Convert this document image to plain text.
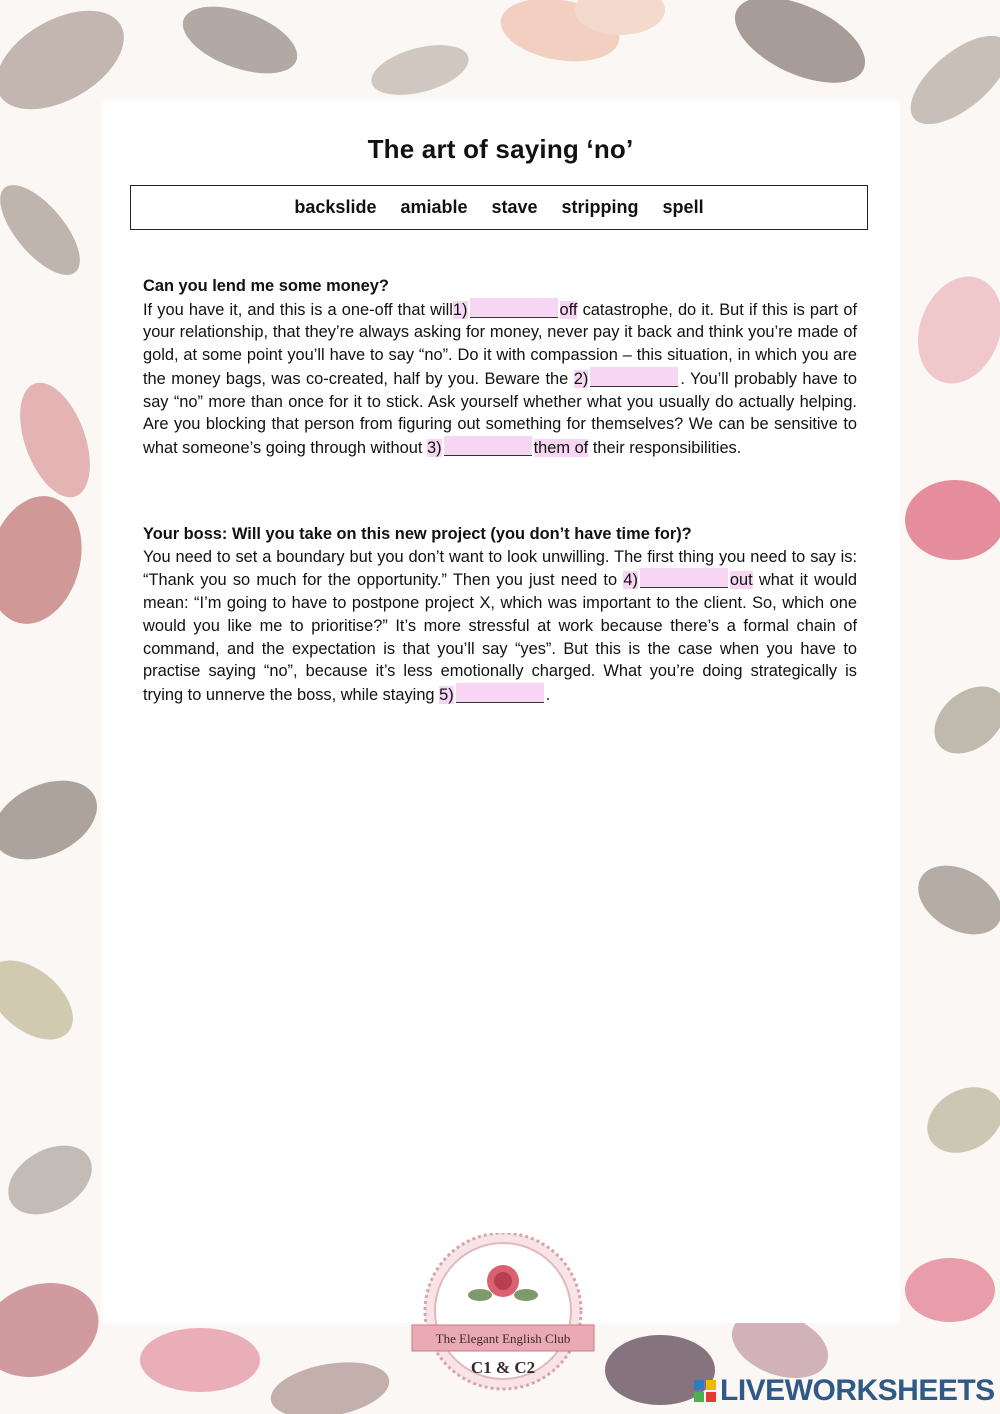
The art of saying ‘no’
backslide amiable stave stripping spell
Can you lend me some money?

If you have it, and this is a one-off that will1)	off catastrophe, do it. But if this is part of your relationship, that they’re always asking for money, never pay it back and think you’re made of gold, at some point you’ll have to say “no”. Do it with compassion – this situation, in which you are the money bags, was co-created, half by you. Beware the 2)	. You’ll probably have to say “no” more than once for it to stick. Ask yourself whether what you usually do actually helping. Are you blocking that person from figuring out something for themselves? We can be sensitive to what someone’s going through without 3)	them of their responsibilities.

Your boss: Will you take on this new project (you don’t have time for)?

You need to set a boundary but you don’t want to look unwilling. The first thing you need to say is: “Thank you so much for the opportunity.” Then you just need to 4)	out what it would mean: “I’m going to have to postpone project X, which was important to the client. So, which one would you like me to prioritise?” It’s more stressful at work because there’s a formal chain of command, and the expectation is that you’ll say “yes”. But this is the case when you have to practise saying “no”, because it’s less emotionally charged. What you’re doing strategically is trying to unnerve the boss, while staying 5)	.

The Elegant English Club
C1 & C2
LIVEWORKSHEETS
